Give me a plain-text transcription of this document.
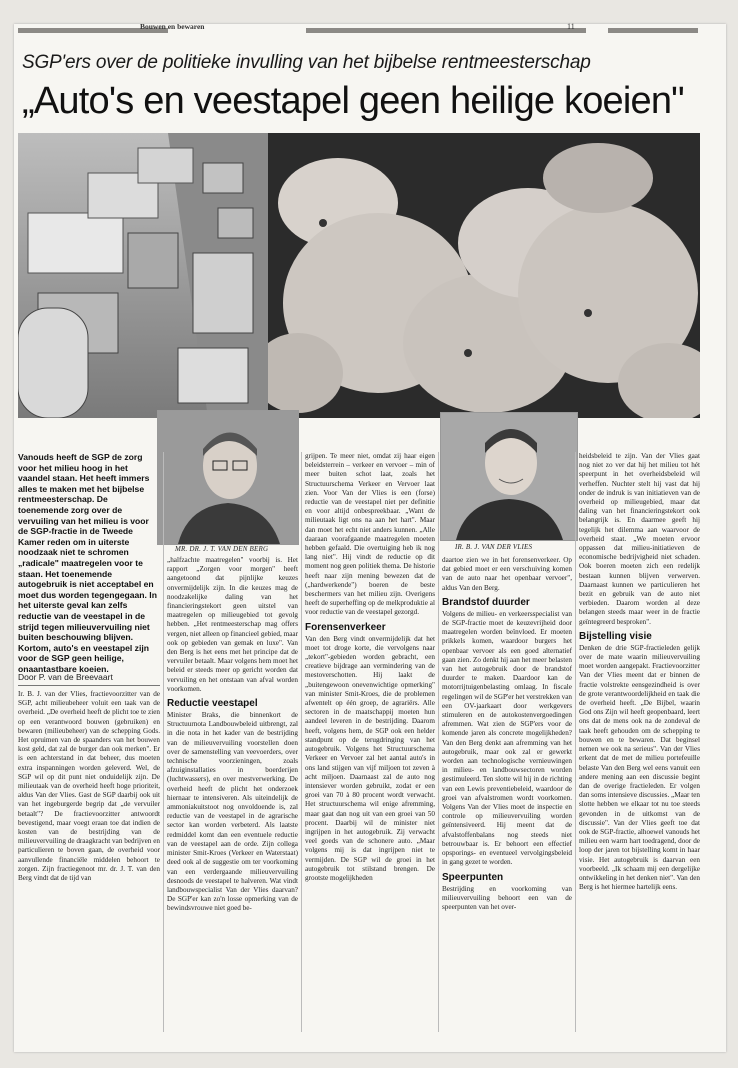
Bouwen en bewaren	11
SGP'ers over de politieke invulling van het bijbelse rentmeesterschap
„Auto's en veestapel geen heilige koeien"
MR. DR. J. T. VAN DEN BERG	IR. B. J. VAN DER VLIES
Vanouds heeft de SGP de zorg voor het milieu hoog in het vaandel staan. Het heeft immers alles te maken met het bijbelse rentmeesterschap. De toenemende zorg over de vervuiling van het milieu is voor de SGP-fractie in de Tweede Kamer reden om in uiterste noodzaak niet te schromen „radicale" maatregelen voor te staan. Het toenemende autogebruik is niet acceptabel en moet dus worden tegengegaan. In het uiterste geval kan zelfs reductie van de veestapel in de strijd tegen milieuvervuiling niet buiten beschouwing blijven. Kortom, auto's en veestapel zijn voor de SGP geen heilige, onaantastbare koeien.
Door P. van de Breevaart
Ir. B. J. van der Vlies, fractievoorzitter van de SGP, acht milieubeheer voluit een taak van de overheid. „De overheid heeft de plicht toe te zien op een verantwoord bouwen (gebruiken) en bewaren (milieubeheer) van de schepping Gods. Het opruimen van de spaanders van het bouwen kost geld, dat zal de burger dan ook merken". Er is een achterstand in dat beheer, dus moeten extra inspanningen worden geleverd. Wel, de SGP wil op dit punt niet onduidelijk zijn. De milieutaak van de overheid heeft hoge prioriteit, aldus Van der Vlies. Gast de SGP daarbij ook uit van het ingeburgerde begrip dat „de vervuiler betaalt"? De fractievoorzitter antwoordt bevestigend, maar voegt eraan toe dat indien de kosten van de bestrijding van de milieuvervuiling de draagkracht van bedrijven en particulieren te boven gaan, de overheid voor aanvullende financiële middelen behoort te zorgen. Zijn fractiegenoot mr. dr. J. T. van den Berg vindt dat de tijd van
„halfzachte maatregelen" voorbij is. Het rapport „Zorgen voor morgen" heeft aangetoond dat pijnlijke keuzes onvermijdelijk zijn. In die keuzes mag de noodzakelijke daling van het financieringstekort geen uitstel van maatregelen op milieugebied tot gevolg hebben. „Het rentmeesterschap mag offers vergen, niet alleen op financieel gebied, maar ook op gebieden van gemak en luxe". Van den Berg is het eens met het principe dat de vervuiler betaalt. Maar volgens hem moet het beleid er steeds meer op gericht worden dat vervuiling en het ontstaan van afval worden voorkomen.
Reductie veestapel
Minister Braks, die binnenkort de Structuurnota Landbouwbeleid uitbrengt, zal in die nota in het kader van de bestrijding van de milieuvervuiling voorstellen doen over de samenstelling van veevoerders, over technische voorzieningen, zoals afzuiginstallaties in boerderijen (luchtwassers), en over mestverwerking. De overheid heeft de plicht het onderzoek hiernaar te intensiveren. Als uiteindelijk de ammoniakuitstoot nog onvoldoende is, zal reductie van de veestapel in de agrarische sector kan worden verbeterd. Als laatste redmiddel komt dan een eventuele reductie van de veestapel aan de orde. Zijn collega minister Smit-Kroes (Verkeer en Waterstaat) deed ook al de suggestie om ter voorkoming van een verdergaande milieuvervuiling desnoods de veestapel te halveren. Wat vindt landbouwspecialist Van der Vlies daarvan? De SGP'er kan zo'n losse opmerking van de bewindsvrouwe niet goed be-
grijpen. Te meer niet, omdat zij haar eigen beleidsterrein – verkeer en vervoer – min of meer buiten schot laat, zoals het Structuurschema Verkeer en Vervoer laat zien. Voor Van der Vlies is een (forse) reductie van de veestapel niet per definitie en voor altijd onbespreekbaar. „Want de milieutaak ligt ons na aan het hart". Maar dan moet het echt niet anders kunnen. „Alle daaraan voorafgaande maatregelen moeten hebben gefaald. Die overtuiging heb ik nog lang niet". Hij vindt de reductie op dit moment nog geen politiek thema. De historie heeft naar zijn mening bewezen dat de („hardwerkende") boeren de beste beschermers van het milieu zijn. Overigens heeft de superheffing op de melkproduktie al voor reductie van de veestapel gezorgd.
Forensenverkeer
Van den Berg vindt onvermijdelijk dat het moet tot droge korte, die vervolgens naar „tekort"-gebieden worden gebracht, een creatieve bijdrage aan vermindering van de mestoverschotten. Hij laakt de „buitengewoon onevenwichtige opmerking" van minister Smit-Kroes, die de problemen afwentelt op één groep, de agrariërs. Alle sectoren in de maatschappij moeten hun aandeel leveren in de bestrijding. Daarom heeft, volgens hem, de SGP ook een helder standpunt op de terugdringing van het autogebruik. Volgens het Structuurschema Verkeer en Vervoer zal het aantal auto's in ons land stijgen van vijf miljoen tot zeven à acht miljoen. Daarnaast zal de auto nog intensiever worden gebruikt, zodat er een groei van 70 à 80 procent wordt verwacht. Het structuurschema wil enige afremming, maar gaat dan nog uit van een groei van 50 procent. Daarbij wil de minister niet ingrijpen in het autogebruik. Zij verwacht veel goeds van de schonere auto. „Maar volgens mij is dat ingrijpen niet te vermijden. De SGP wil de groei in het autogebruik tot stilstand brengen. De grootste mogelijkheden
daartoe zien we in het forensenverkeer. Op dat gebied moet er een verschuiving komen van de auto naar het openbaar vervoer", aldus Van den Berg.
Brandstof duurder
Volgens de milieu- en verkeersspecialist van de SGP-fractie moet de keuzevrijheid door maatregelen worden beïnvloed. Er moeten prikkels komen, waardoor burgers het openbaar vervoer als een goed alternatief gaan zien. Zo denkt hij aan het meer belasten van het autogebruik door de brandstof duurder te maken. Daardoor kan de motorrijtuigenbelasting omlaag. In fiscale regelingen wil de SGP'er het verstrekken van een OV-jaarkaart door werkgevers stimuleren en de autokostenvergoedingen afremmen. Wat zien de SGP'ers voor de komende jaren als concrete mogelijkheden? Van den Berg denkt aan afremming van het autogebruik, maar ook zal er gewerkt worden aan technologische vernieuwingen in milieu- en landbouwsectoren worden gestimuleerd. Ten slotte wil hij in de richting van een Lewis preventiebeleid, waardoor de groei van afvalstromen wordt voorkomen. Volgens Van der Vlies moet de inspectie en controle op milieuvervuiling worden geïntensiveerd. Hij meent dat de afvalstoffenbalans nog steeds niet betrouwbaar is. Er behoort een effectief opsporings- en eventueel vervolgingsbeleid in gang gezet te worden.
Speerpunten
Bestrijding en voorkoming van milieuvervuiling behoort een van de speerpunten van het over-
heidsbeleid te zijn. Van der Vlies gaat nog niet zo ver dat hij het milieu tot hét speerpunt in het overheidsbeleid wil verheffen. Nuchter stelt hij vast dat hij onder de indruk is van initiatieven van de overheid op milieugebied, maar dat daling van het financieringstekort ook belangrijk is. En daarmee geeft hij tegelijk het dilemma aan waarvoor de overheid staat. „We moeten ervoor oppassen dat milieu-initiatieven de economische bedrijvigheid niet schaden. Ook boeren moeten zich een redelijk bestaan kunnen blijven verwerven. Daarnaast kunnen we particulieren het bezit en gebruik van de auto niet verbieden. Daarom worden al deze belangen steeds maar weer in de fractie geïntegreerd besproken".
Bijstelling visie
Denken de drie SGP-fractieleden gelijk over de mate waarin milieuvervuiling moet worden aangepakt. Fractievoorzitter Van der Vlies meent dat er binnen de fractie volstrekte eensgezindheid is over de grote verantwoordelijkheid en taak die de overheid heeft. „De Bijbel, waarin God ons Zijn wil heeft geopenbaard, leert ons dat de mens ook na de zondeval de taak heeft gehouden om de schepping te bouwen en te bewaren. Dat beginsel nemen we ook na serieus". Van der Vlies erkent dat de met de milieu portefeuille belaste Van den Berg wel eens vanuit een andere mening aan een discussie begint dan de overige fractieleden. Er volgen dan soms intensieve discussies. „Maar ten slotte hebben we elkaar tot nu toe steeds gevonden in de uitkomst van de discussie". Van der Vlies geeft toe dat ook de SGP-fractie, alhoewel vanouds het milieu een warm hart toedragend, door de loop der jaren tot bijstelling komt in haar visie. Het autogebruik is daarvan een voorbeeld. „Ik schaam mij een dergelijke ontwikkeling in het denken niet". Van den Berg is het hiermee hartelijk eens.
